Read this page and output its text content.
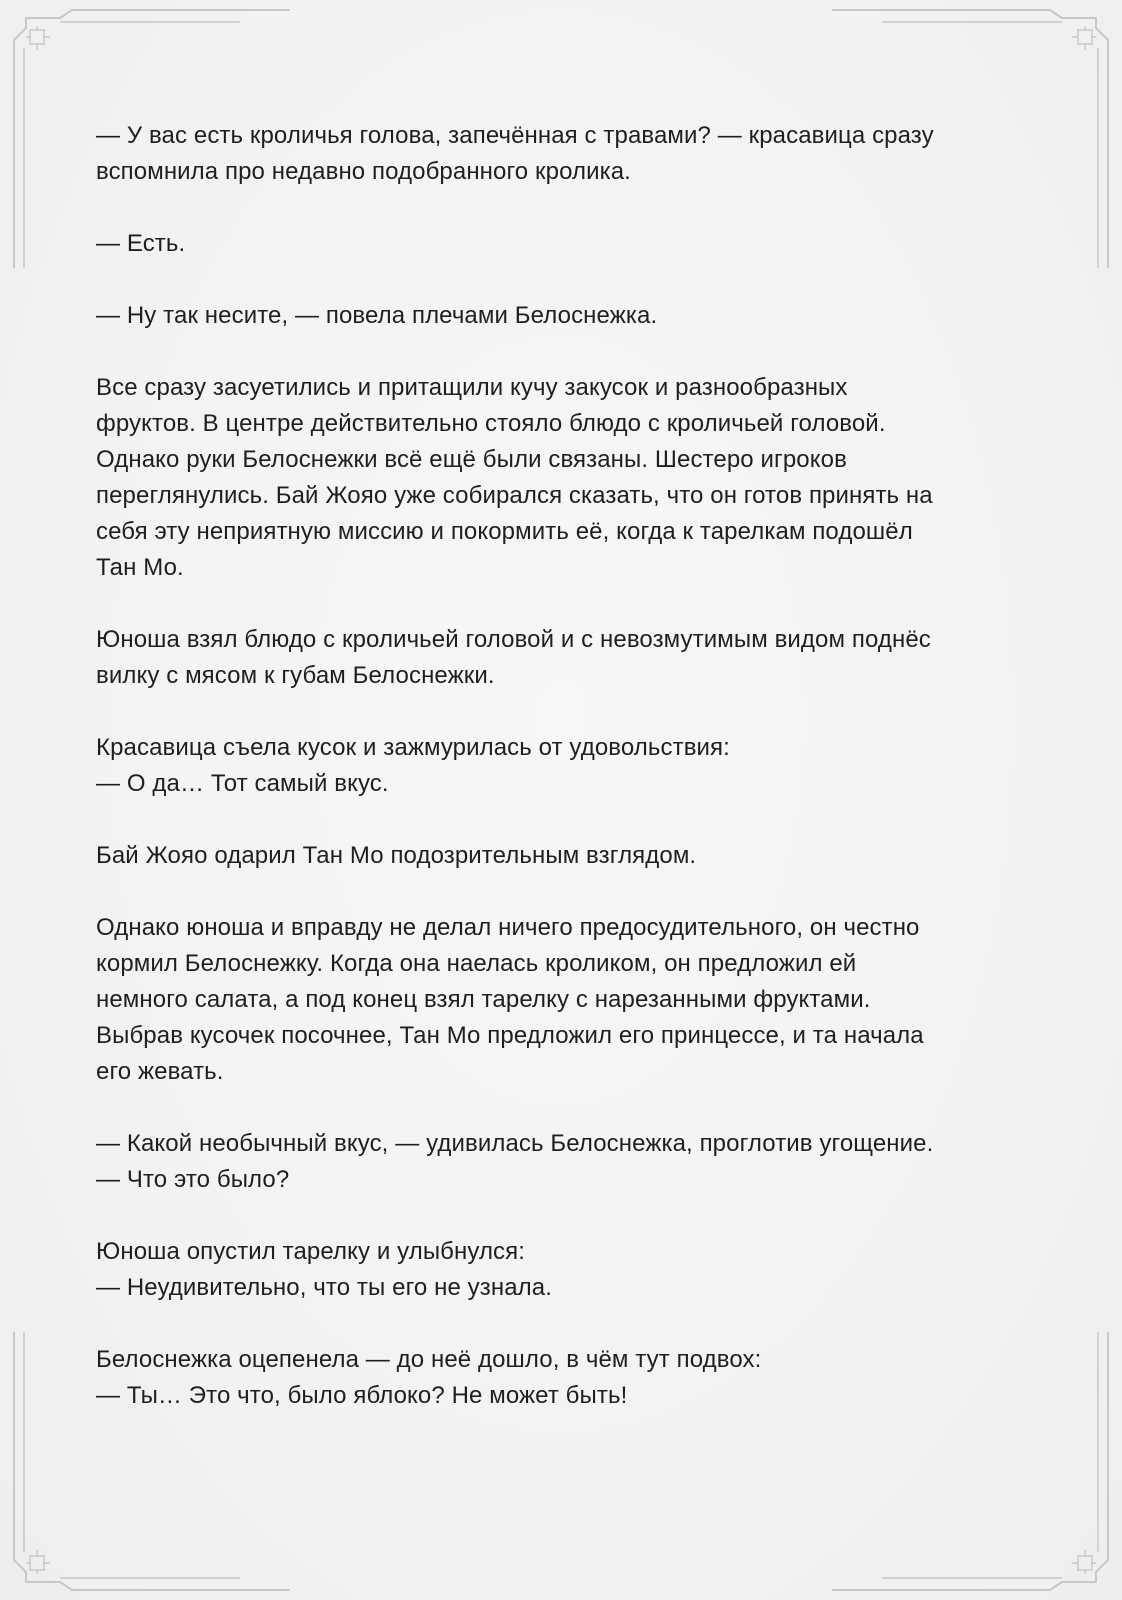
— У вас есть кроличья голова, запечённая с травами? — красавица сразу
вспомнила про недавно подобранного кролика.

— Есть.

— Ну так несите, — повела плечами Белоснежка.

Все сразу засуетились и притащили кучу закусок и разнообразных
фруктов. В центре действительно стояло блюдо с кроличьей головой.
Однако руки Белоснежки всё ещё были связаны. Шестеро игроков
переглянулись. Бай Жояо уже собирался сказать, что он готов принять на
себя эту неприятную миссию и покормить её, когда к тарелкам подошёл
Тан Мо.

Юноша взял блюдо с кроличьей головой и с невозмутимым видом поднёс
вилку с мясом к губам Белоснежки.

Красавица съела кусок и зажмурилась от удовольствия:
— О да… Тот самый вкус.

Бай Жояо одарил Тан Мо подозрительным взглядом.

Однако юноша и вправду не делал ничего предосудительного, он честно
кормил Белоснежку. Когда она наелась кроликом, он предложил ей
немного салата, а под конец взял тарелку с нарезанными фруктами.
Выбрав кусочек посочнее, Тан Мо предложил его принцессе, и та начала
его жевать.

— Какой необычный вкус, — удивилась Белоснежка, проглотив угощение.
— Что это было?

Юноша опустил тарелку и улыбнулся:
— Неудивительно, что ты его не узнала.

Белоснежка оцепенела — до неё дошло, в чём тут подвох:
— Ты… Это что, было яблоко? Не может быть!
